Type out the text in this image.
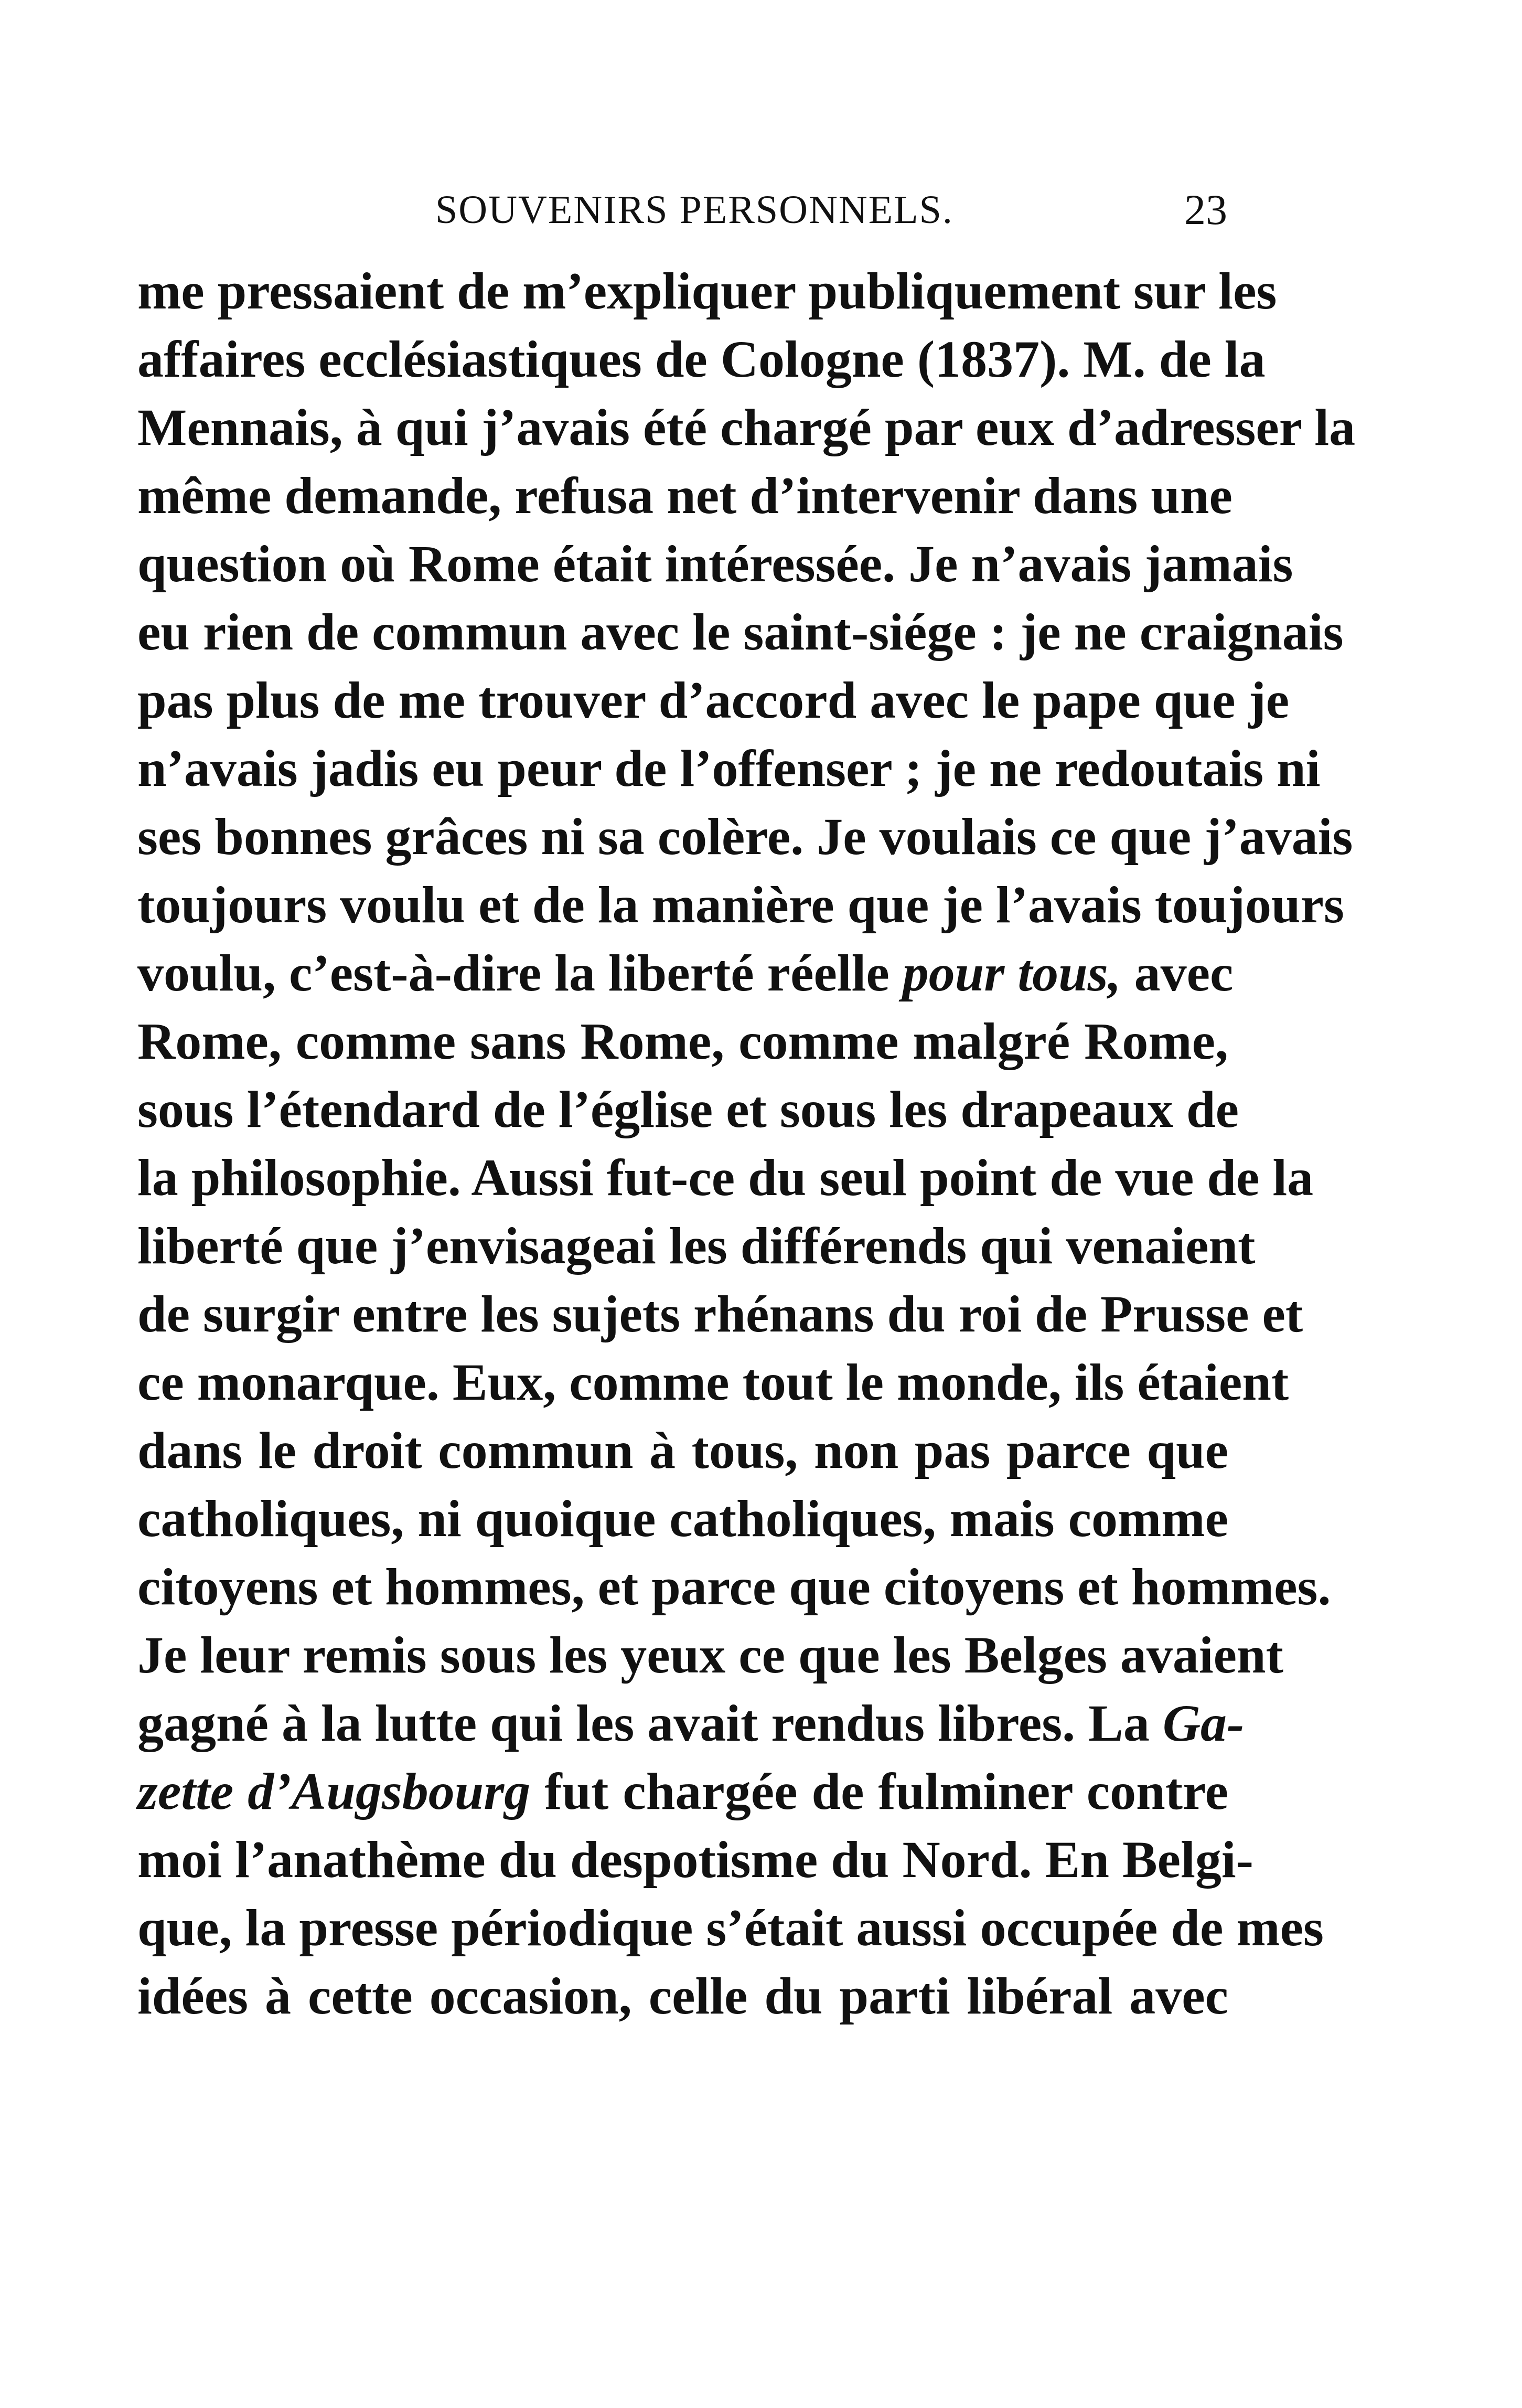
SOUVENIRS PERSONNELS.	23
me pressaient de m’expliquer publiquement sur les
affaires ecclésiastiques de Cologne (1837). M. de la
Mennais, à qui j’avais été chargé par eux d’adresser la
même demande, refusa net d’intervenir dans une
question où Rome était intéressée. Je n’avais jamais
eu rien de commun avec le saint-siége : je ne craignais
pas plus de me trouver d’accord avec le pape que je
n’avais jadis eu peur de l’offenser ; je ne redoutais ni
ses bonnes grâces ni sa colère. Je voulais ce que j’avais
toujours voulu et de la manière que je l’avais toujours
voulu, c’est-à-dire la liberté réelle pour tous, avec
Rome, comme sans Rome, comme malgré Rome,
sous l’étendard de l’église et sous les drapeaux de
la philosophie. Aussi fut-ce du seul point de vue de la
liberté que j’envisageai les différends qui venaient
de surgir entre les sujets rhénans du roi de Prusse et
ce monarque. Eux, comme tout le monde, ils étaient
dans le droit commun à tous, non pas parce que
catholiques, ni quoique catholiques, mais comme
citoyens et hommes, et parce que citoyens et hommes.
Je leur remis sous les yeux ce que les Belges avaient
gagné à la lutte qui les avait rendus libres. La Ga-
zette d’Augsbourg fut chargée de fulminer contre
moi l’anathème du despotisme du Nord. En Belgi-
que, la presse périodique s’était aussi occupée de mes
idées à cette occasion, celle du parti libéral avec
